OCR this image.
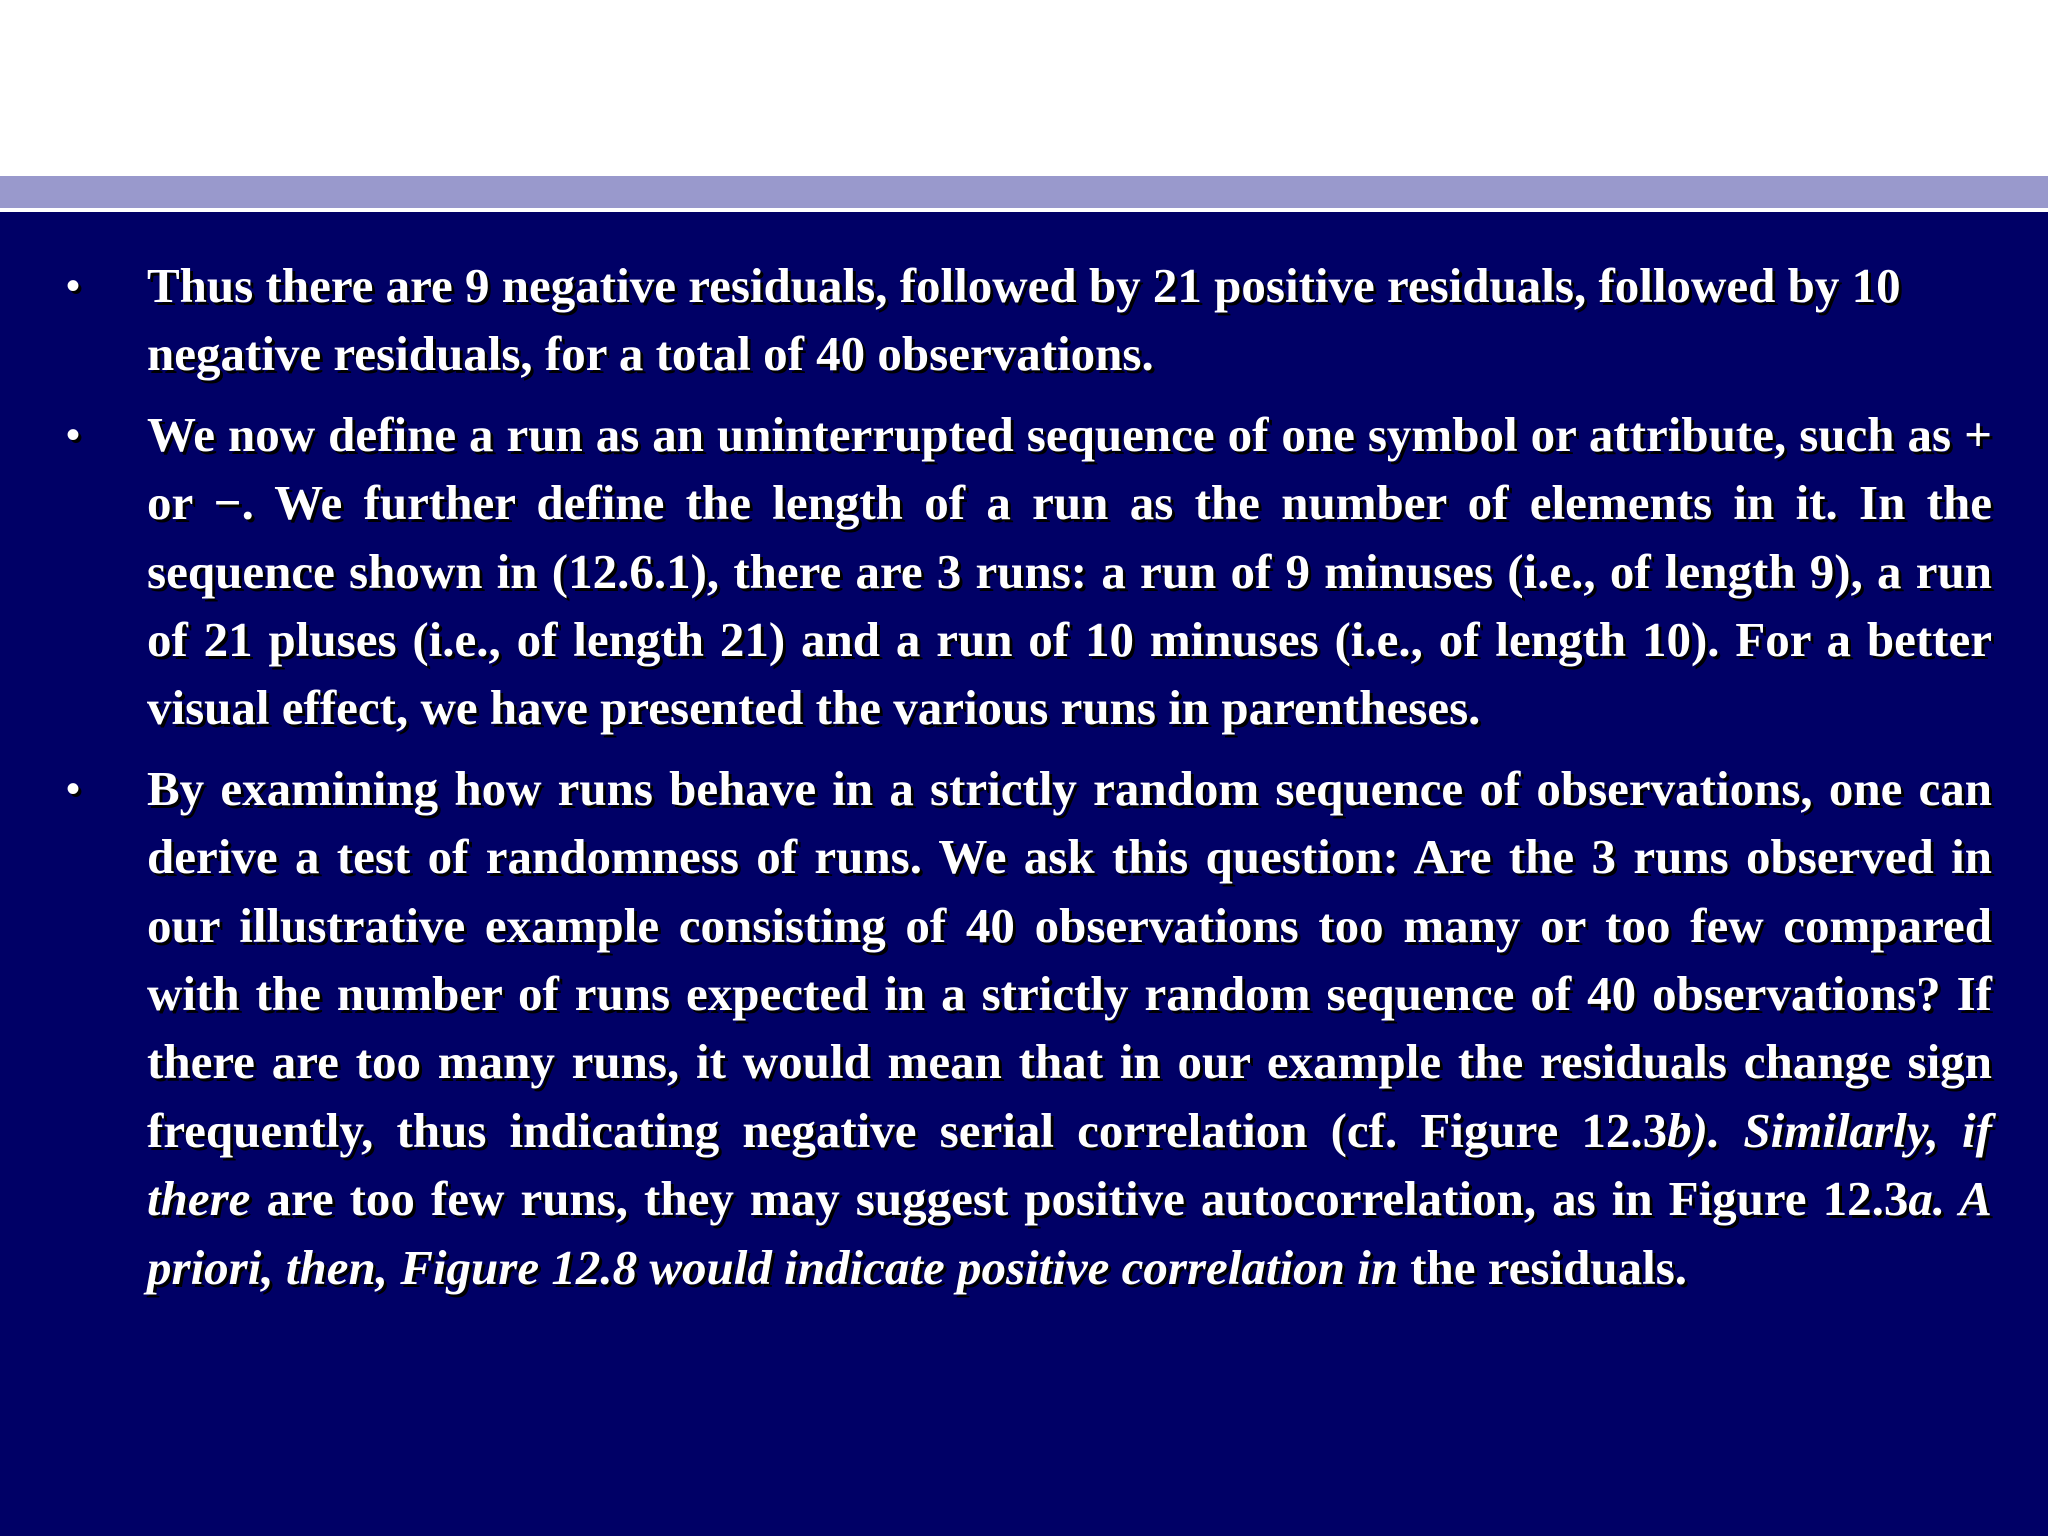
• Thus there are 9 negative residuals, followed by 21 positive residuals, followed by 10 negative residuals, for a total of 40 observations.
• We now define a run as an uninterrupted sequence of one symbol or attribute, such as + or −. We further define the length of a run as the number of elements in it. In the sequence shown in (12.6.1), there are 3 runs: a run of 9 minuses (i.e., of length 9), a run of 21 pluses (i.e., of length 21) and a run of 10 minuses (i.e., of length 10). For a better visual effect, we have presented the various runs in parentheses.
• By examining how runs behave in a strictly random sequence of observations, one can derive a test of randomness of runs. We ask this question: Are the 3 runs observed in our illustrative example consisting of 40 observations too many or too few compared with the number of runs expected in a strictly random sequence of 40 observations? If there are too many runs, it would mean that in our example the residuals change sign frequently, thus indicating negative serial correlation (cf. Figure 12.3b). Similarly, if there are too few runs, they may suggest positive autocorrelation, as in Figure 12.3a. A priori, then, Figure 12.8 would indicate positive correlation in the residuals.
